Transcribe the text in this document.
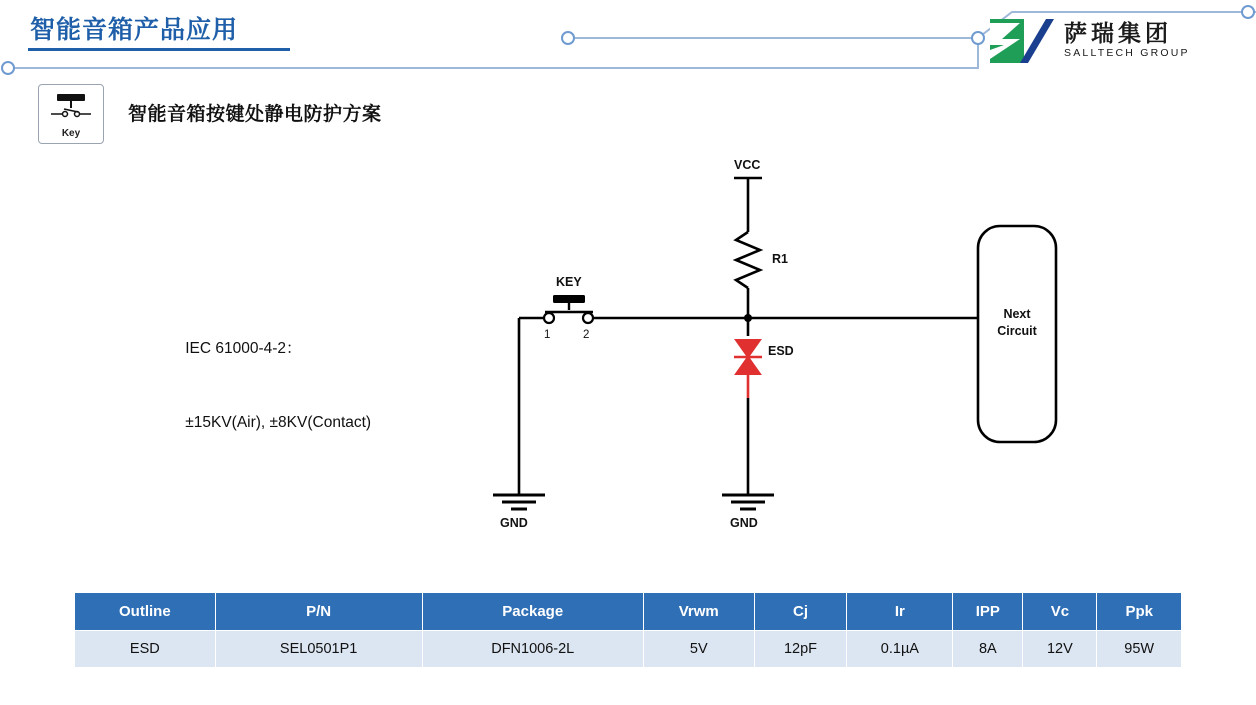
智能音箱产品应用	萨瑞集团
SALLTECH GROUP
Key
智能音箱按键处静电防护方案

IEC 61000-4-2：

±15KV(Air), ±8KV(Contact)

VCC
R1
KEY
1	2
ESD
GND	GND
Next
Circuit
Outline	P/N	Package	Vrwm	Cj	Ir	IPP	Vc	Ppk
ESD	SEL0501P1	DFN1006-2L	5V	12pF	0.1µA	8A	12V	95W
